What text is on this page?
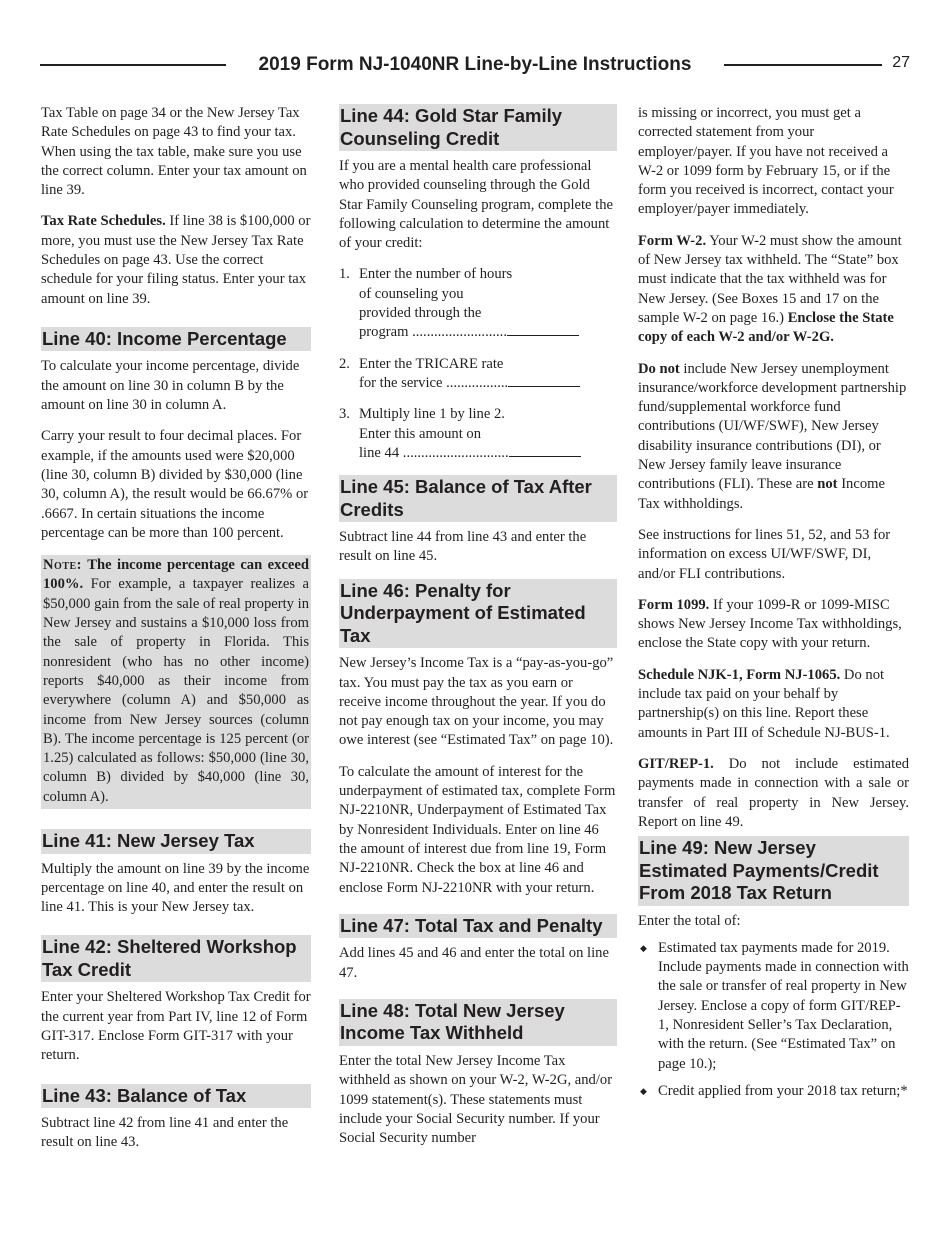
2019 Form NJ-1040NR Line-by-Line Instructions	27

Tax Table on page 34 or the New Jersey Tax Rate Schedules on page 43 to find your tax. When using the tax table, make sure you use the correct column. Enter your tax amount on line 39.

Tax Rate Schedules. If line 38 is $100,000 or more, you must use the New Jersey Tax Rate Schedules on page 43. Use the correct schedule for your filing status. Enter your tax amount on line 39.

Line 40: Income Percentage

To calculate your income percentage, divide the amount on line 30 in column B by the amount on line 30 in column A.

Carry your result to four decimal places. For example, if the amounts used were $20,000 (line 30, column B) divided by $30,000 (line 30, column A), the result would be 66.67% or .6667. In certain situations the income percentage can be more than 100 percent.

Note: The income percentage can exceed 100%. For example, a taxpayer realizes a $50,000 gain from the sale of real property in New Jersey and sustains a $10,000 loss from the sale of property in Florida. This nonresident (who has no other income) reports $40,000 as their income from everywhere (column A) and $50,000 as income from New Jersey sources (column B). The income percentage is 125 percent (or 1.25) calculated as follows: $50,000 (line 30, column B) divided by $40,000 (line 30, column A).
Line 41: New Jersey Tax

Multiply the amount on line 39 by the income percentage on line 40, and enter the result on line 41. This is your New Jersey tax.

Line 42: Sheltered Workshop Tax Credit

Enter your Sheltered Workshop Tax Credit for the current year from Part IV, line 12 of Form GIT-317. Enclose Form GIT-317 with your return.

Line 43: Balance of Tax

Subtract line 42 from line 41 and enter the result on line 43.

Line 44: Gold Star Family Counseling Credit

If you are a mental health care professional who provided counseling through the Gold Star Family Counseling program, complete the following calculation to determine the amount of your credit:

1. Enter the number of hours
of counseling you
provided through the
program ..........................
2. Enter the TRICARE rate
for the service .................
3. Multiply line 1 by line 2.
Enter this amount on
line 44 .............................
Line 45: Balance of Tax After Credits

Subtract line 44 from line 43 and enter the result on line 45.

Line 46: Penalty for Underpayment of Estimated Tax

New Jersey’s Income Tax is a “pay-as-you-go” tax. You must pay the tax as you earn or receive income throughout the year. If you do not pay enough tax on your income, you may owe interest (see “Estimated Tax” on page 10).

To calculate the amount of interest for the underpayment of estimated tax, complete Form NJ-2210NR, Underpayment of Estimated Tax by Nonresident Individuals. Enter on line 46 the amount of interest due from line 19, Form NJ-2210NR. Check the box at line 46 and enclose Form NJ-2210NR with your return.

Line 47: Total Tax and Penalty

Add lines 45 and 46 and enter the total on line 47.

Line 48: Total New Jersey Income Tax Withheld

Enter the total New Jersey Income Tax withheld as shown on your W-2, W-2G, and/or 1099 statement(s). These statements must include your Social Security number. If your Social Security number

is missing or incorrect, you must get a corrected statement from your employer/payer. If you have not received a W-2 or 1099 form by February 15, or if the form you received is incorrect, contact your employer/payer immediately.

Form W-2. Your W-2 must show the amount of New Jersey tax withheld. The “State” box must indicate that the tax withheld was for New Jersey. (See Boxes 15 and 17 on the sample W-2 on page 16.) Enclose the State copy of each W-2 and/or W-2G.

Do not include New Jersey unemployment insurance/workforce development partnership fund/supplemental workforce fund contributions (UI/WF/SWF), New Jersey disability insurance contributions (DI), or New Jersey family leave insurance contributions (FLI). These are not Income Tax withholdings.

See instructions for lines 51, 52, and 53 for information on excess UI/WF/SWF, DI, and/or FLI contributions.

Form 1099. If your 1099-R or 1099-MISC shows New Jersey Income Tax withholdings, enclose the State copy with your return.

Schedule NJK-1, Form NJ-1065. Do not include tax paid on your behalf by partnership(s) on this line. Report these amounts in Part III of Schedule NJ-BUS-1.

GIT/REP-1. Do not include estimated payments made in connection with a sale or transfer of real property in New Jersey. Report on line 49.

Line 49: New Jersey Estimated Payments/Credit From 2018 Tax Return

Enter the total of:

◆ Estimated tax payments made for 2019. Include payments made in connection with the sale or transfer of real property in New Jersey. Enclose a copy of form GIT/REP-1, Nonresident Seller’s Tax Declaration, with the return. (See “Estimated Tax” on page 10.);
◆ Credit applied from your 2018 tax return;*
